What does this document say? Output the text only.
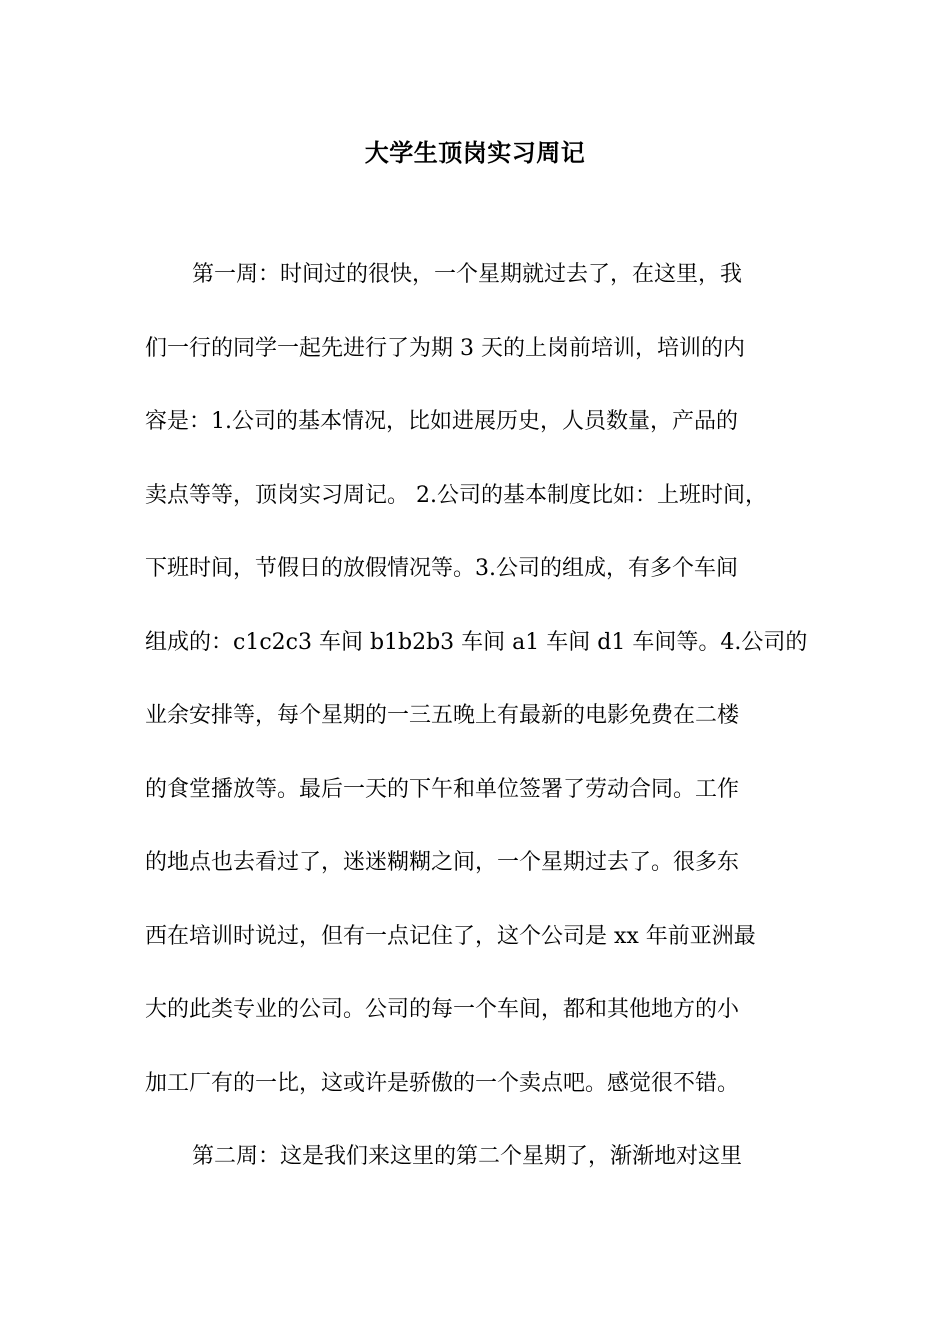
大学生顶岗实习周记
第一周：时间过的很快，一个星期就过去了，在这里，我
们一行的同学一起先进行了为期 3 天的上岗前培训，培训的内
容是：1.公司的基本情况，比如进展历史，人员数量，产品的
卖点等等，顶岗实习周记。 2.公司的基本制度比如：上班时间，
下班时间，节假日的放假情况等。3.公司的组成，有多个车间
组成的：c1c2c3 车间 b1b2b3 车间 a1 车间 d1 车间等。4.公司的
业余安排等，每个星期的一三五晚上有最新的电影免费在二楼
的食堂播放等。最后一天的下午和单位签署了劳动合同。工作
的地点也去看过了，迷迷糊糊之间，一个星期过去了。很多东
西在培训时说过，但有一点记住了，这个公司是 xx 年前亚洲最
大的此类专业的公司。公司的每一个车间，都和其他地方的小
加工厂有的一比，这或许是骄傲的一个卖点吧。感觉很不错。
第二周：这是我们来这里的第二个星期了，渐渐地对这里
